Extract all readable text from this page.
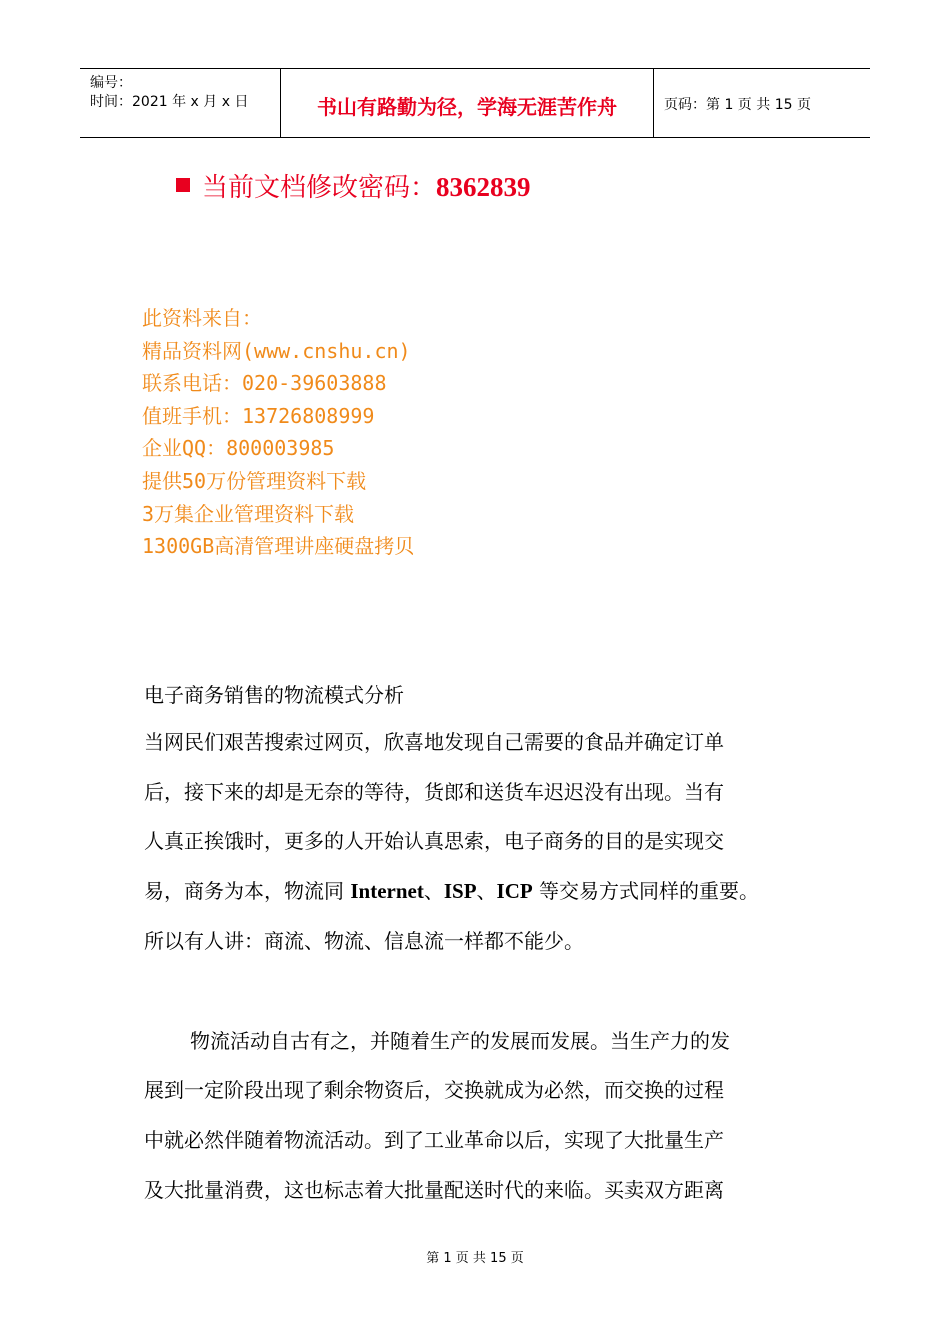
编号：
时间：2021 年 x 月 x 日	书山有路勤为径，学海无涯苦作舟	页码：第 1 页 共 15 页
当前文档修改密码：8362839
此资料来自：
精品资料网(www.cnshu.cn)
联系电话：020-39603888
值班手机：13726808999
企业QQ：800003985
提供50万份管理资料下载
3万集企业管理资料下载
1300GB高清管理讲座硬盘拷贝
电子商务销售的物流模式分析
当网民们艰苦搜索过网页，欣喜地发现自己需要的食品并确定订单
后，接下来的却是无奈的等待，货郎和送货车迟迟没有出现。当有
人真正挨饿时，更多的人开始认真思索，电子商务的目的是实现交
易，商务为本，物流同 Internet、ISP、ICP 等交易方式同样的重要。
所以有人讲：商流、物流、信息流一样都不能少。
物流活动自古有之，并随着生产的发展而发展。当生产力的发
展到一定阶段出现了剩余物资后，交换就成为必然，而交换的过程
中就必然伴随着物流活动。到了工业革命以后，实现了大批量生产
及大批量消费，这也标志着大批量配送时代的来临。买卖双方距离
第 1 页 共 15 页
